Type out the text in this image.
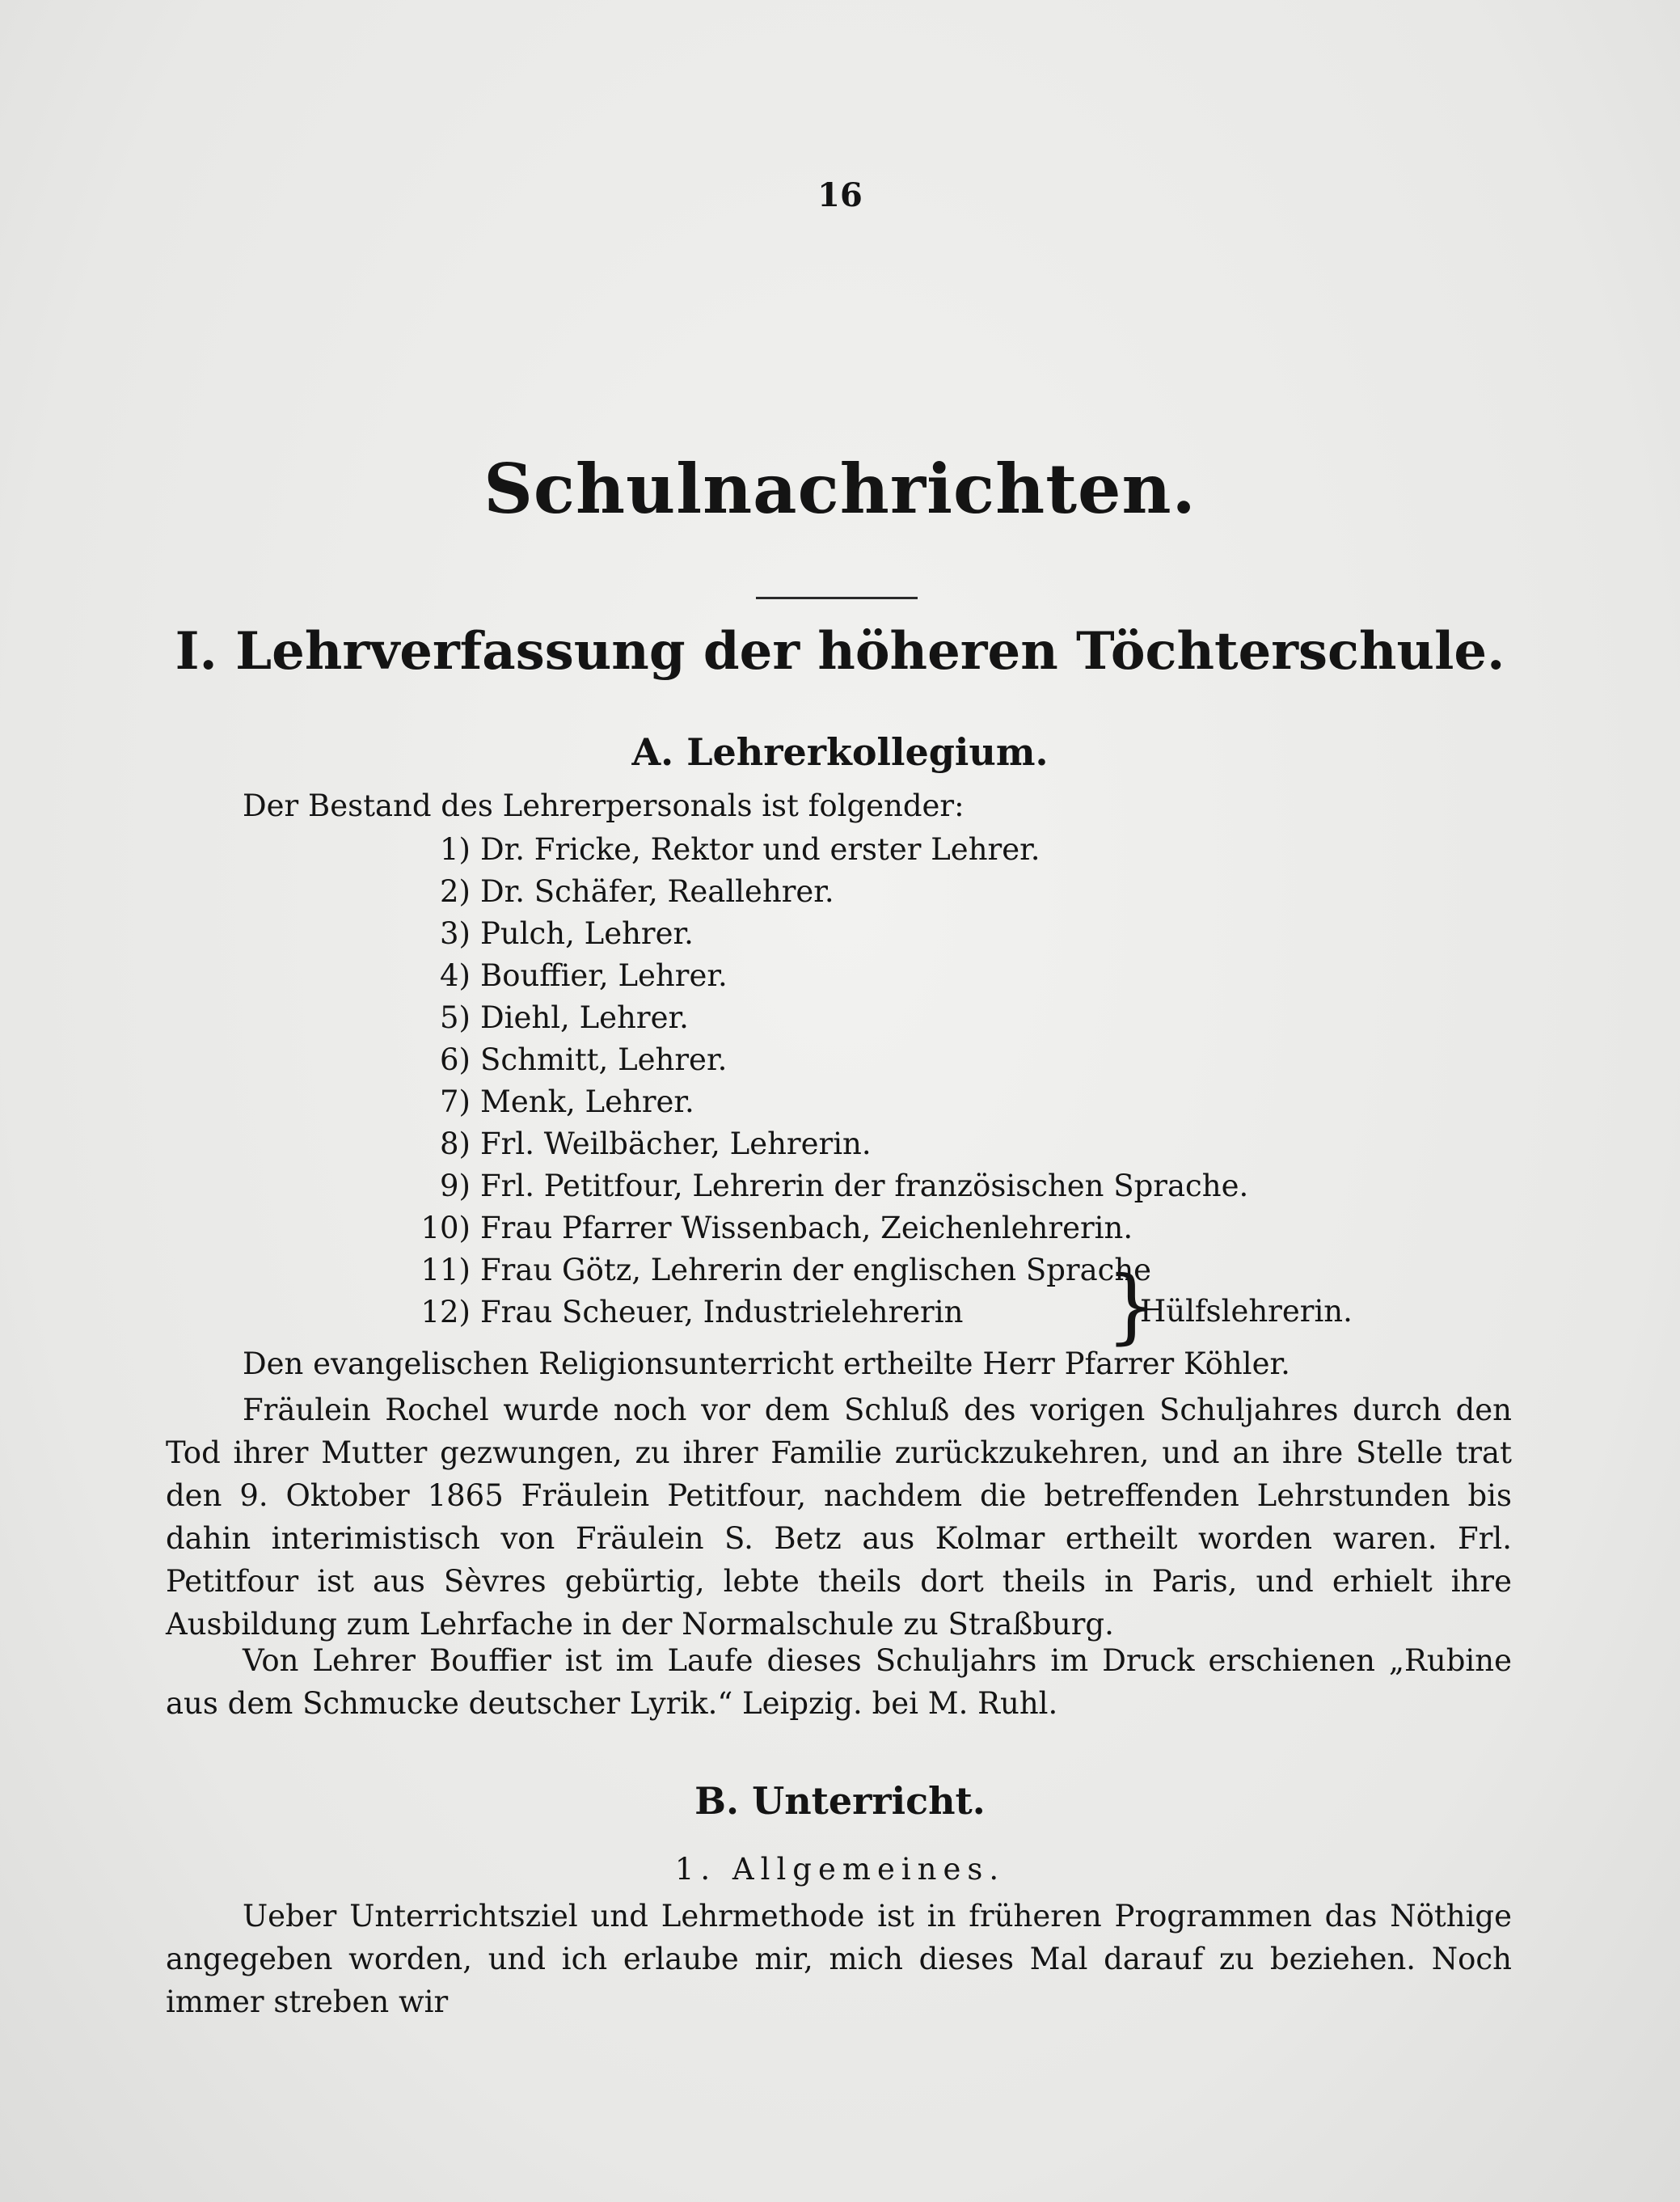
16
Schulnachrichten.
I. Lehrverfassung der höheren Töchterschule.
A. Lehrerkollegium.
Der Bestand des Lehrerpersonals ist folgender:
1) Dr. Fricke, Rektor und erster Lehrer.
2) Dr. Schäfer, Reallehrer.
3) Pulch, Lehrer.
4) Bouffier, Lehrer.
5) Diehl, Lehrer.
6) Schmitt, Lehrer.
7) Menk, Lehrer.
8) Frl. Weilbächer, Lehrerin.
9) Frl. Petitfour, Lehrerin der französischen Sprache.
10) Frau Pfarrer Wissenbach, Zeichenlehrerin.
11) Frau Götz, Lehrerin der englischen Sprache
12) Frau Scheuer, Industrielehrerin	}
Hülfslehrerin.
Den evangelischen Religionsunterricht ertheilte Herr Pfarrer Köhler.
Fräulein Rochel wurde noch vor dem Schluß des vorigen Schuljahres durch den Tod ihrer Mutter gezwungen, zu ihrer Familie zurückzukehren, und an ihre Stelle trat den 9. Oktober 1865 Fräulein Petitfour, nachdem die betreffenden Lehrstunden bis dahin interimistisch von Fräulein S. Betz aus Kolmar ertheilt worden waren. Frl. Petitfour ist aus Sèvres gebürtig, lebte theils dort theils in Paris, und erhielt ihre Ausbildung zum Lehrfache in der Normalschule zu Straßburg.
Von Lehrer Bouffier ist im Laufe dieses Schuljahrs im Druck erschienen „Rubine aus dem Schmucke deutscher Lyrik.“ Leipzig. bei M. Ruhl.
B. Unterricht.
1. Allgemeines.
Ueber Unterrichtsziel und Lehrmethode ist in früheren Programmen das Nöthige angegeben worden, und ich erlaube mir, mich dieses Mal darauf zu beziehen. Noch immer streben wir
